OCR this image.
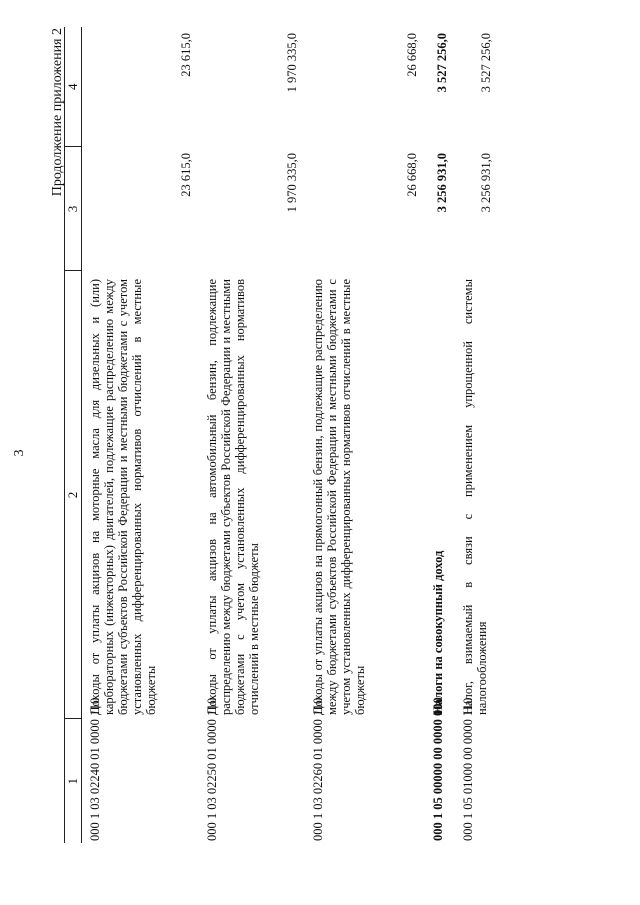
3
Продолжение приложения 2
1	2	3	4
000 1 03 02240 01 0000 110	Доходы от уплаты акцизов на моторные масла для дизельных и (или) карбюраторных (инжекторных) двигателей, подлежащие распределению между бюджетами субъектов Российской Федерации и местными бюджетами с учетом установленных дифференцированных нормативов отчислений в местные бюджеты	23 615,0	23 615,0
000 1 03 02250 01 0000 110	Доходы от уплаты акцизов на автомобильный бензин, подлежащие распределению между бюджетами субъектов Российской Федерации и местными бюджетами с учетом установленных дифференцированных нормативов отчислений в местные бюджеты	1 970 335,0	1 970 335,0
000 1 03 02260 01 0000 110	Доходы от уплаты акцизов на прямогонный бензин, подлежащие распределению между бюджетами субъектов Российской Федерации и местными бюджетами с учетом установленных дифференцированных нормативов отчислений в местные бюджеты	26 668,0	26 668,0
000 1 05 00000 00 0000 000	Налоги на совокупный доход	3 256 931,0	3 527 256,0
000 1 05 01000 00 0000 110	Налог, взимаемый в связи с применением упрощенной системы налогообложения	3 256 931,0	3 527 256,0
